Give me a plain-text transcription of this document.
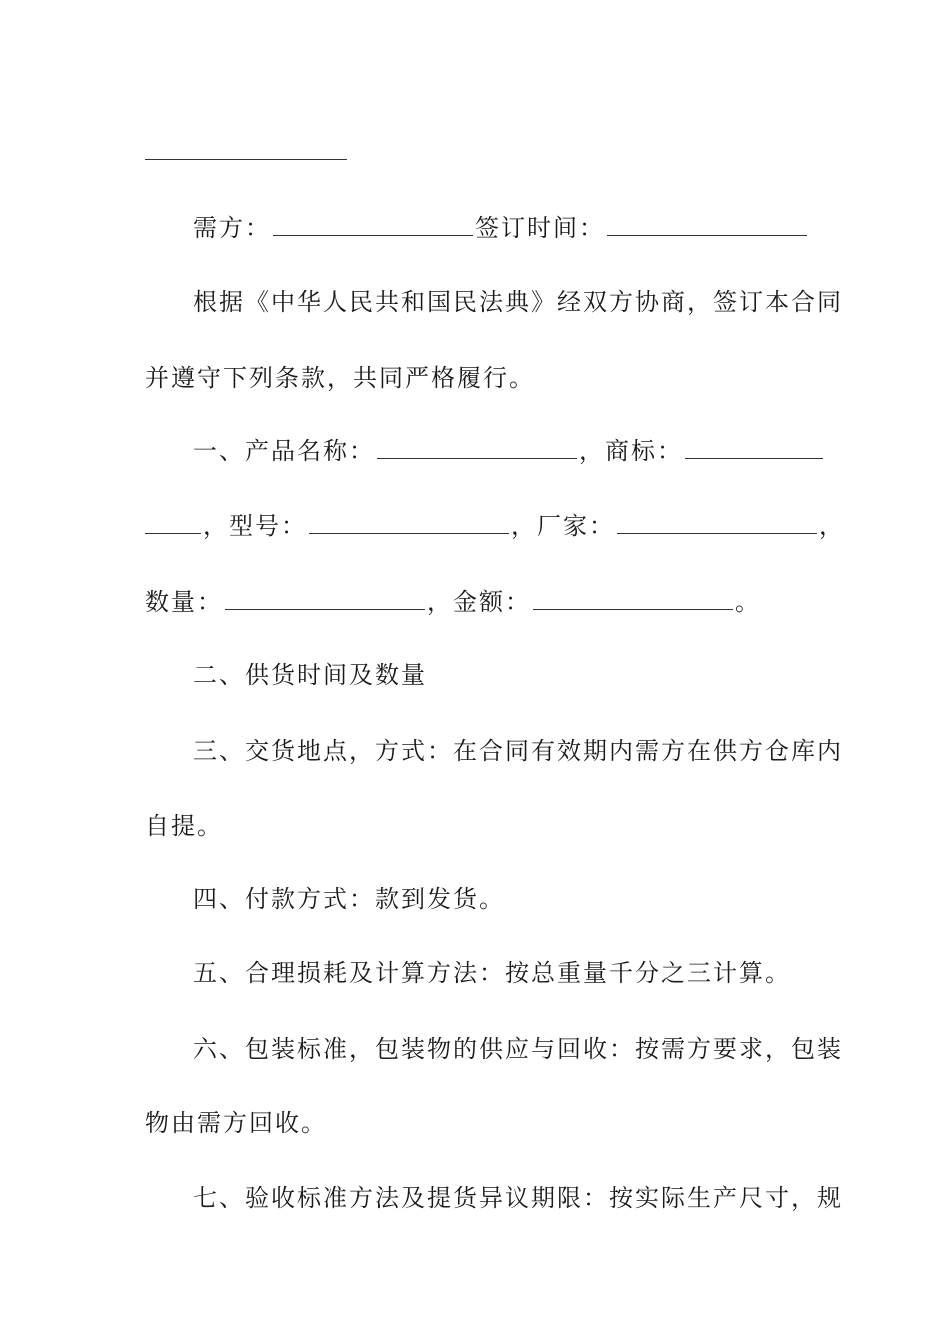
需方：	签订时间：
根据《中华人民共和国民法典》经双方协商，签订本合同
并遵守下列条款，共同严格履行。
一、产品名称：	，商标：
，型号：	，厂家：	，
数量：	，金额：	。
二、供货时间及数量
三、交货地点，方式：在合同有效期内需方在供方仓库内
自提。
四、付款方式：款到发货。
五、合理损耗及计算方法：按总重量千分之三计算。
六、包装标准，包装物的供应与回收：按需方要求，包装
物由需方回收。
七、验收标准方法及提货异议期限：按实际生产尺寸，规
